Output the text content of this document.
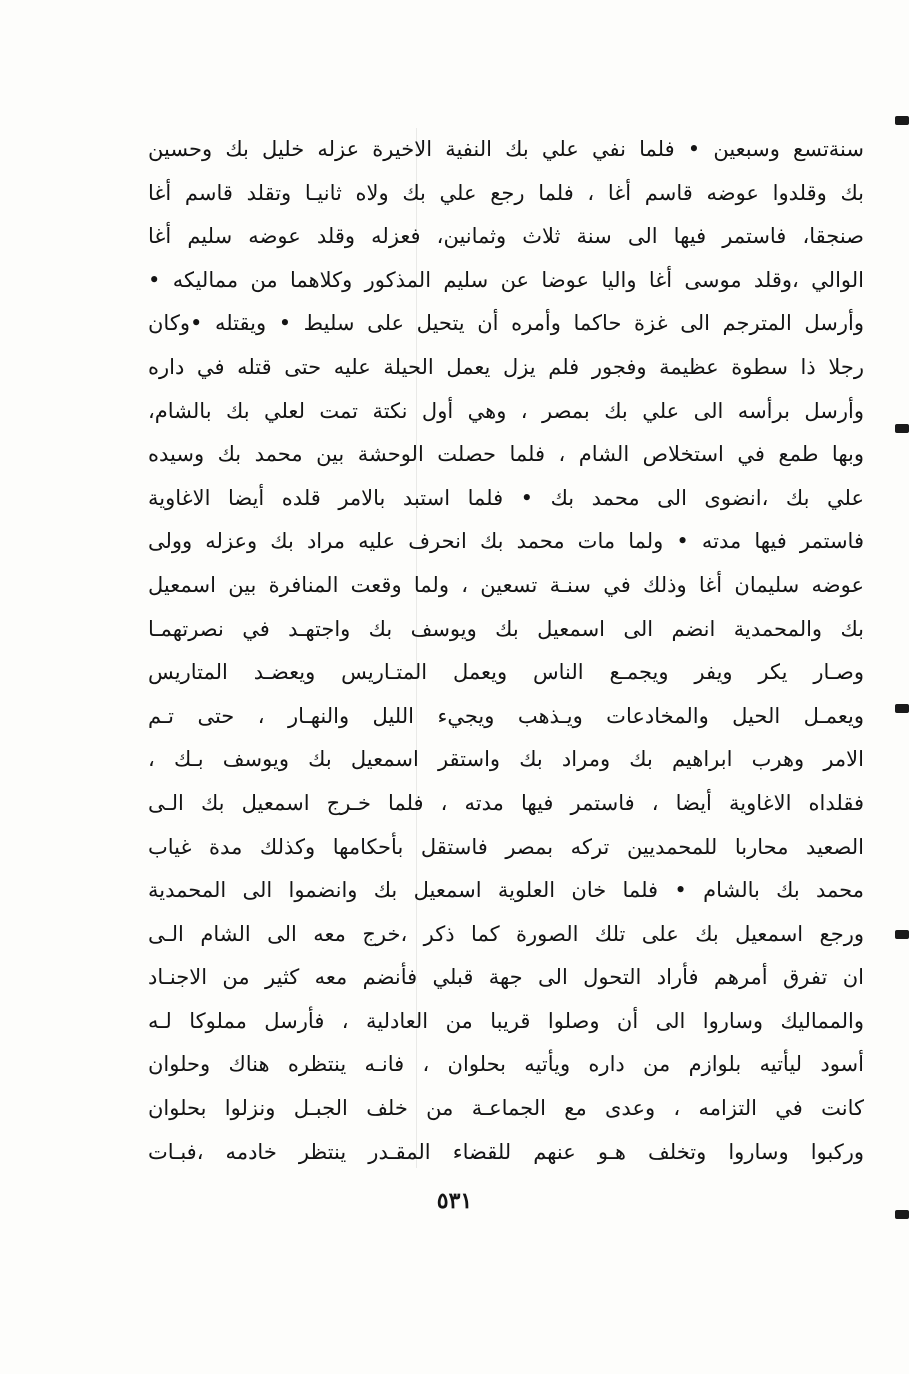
سنةتسع وسبعين • فلما نفي علي بك النفية الاخيرة عزله خليل بك وحسين
بك وقلدوا عوضه قاسم أغا ، فلما رجع علي بك ولاه ثانيـا وتقلد قاسم أغا
صنجقا، فاستمر فيها الى سنة ثلاث وثمانين، فعزله وقلد عوضه سليم أغا
الوالي ،وقلد موسى أغا واليا عوضا عن سليم المذكور وكلاهما من مماليكه •
وأرسل المترجم الى غزة حاكما وأمره أن يتحيل على سليط • ويقتله •وكان
رجلا ذا سطوة عظيمة وفجور فلم يزل يعمل الحيلة عليه حتى قتله في داره
وأرسل برأسه الى علي بك بمصر ، وهي أول نكتة تمت لعلي بك بالشام،
وبها طمع في استخلاص الشام ، فلما حصلت الوحشة بين محمد بك وسيده
علي بك ،انضوى الى محمد بك • فلما استبد بالامر قلده أيضا الاغاوية
فاستمر فيها مدته • ولما مات محمد بك انحرف عليه مراد بك وعزله وولى
عوضه سليمان أغا وذلك في سنـة تسعين ، ولما وقعت المنافرة بين اسمعيل
بك والمحمدية انضم الى اسمعيل بك ويوسف بك واجتهـد في نصرتهمـا
وصـار يكر ويفر ويجمـع الناس ويعمل المتـاريس ويعضـد المتاريس
ويعمـل الحيل والمخادعات ويـذهب ويجيء الليل والنهـار ، حتى تـم
الامر وهرب ابراهيم بك ومراد بك واستقر اسمعيل بك ويوسف بـك ،
فقلداه الاغاوية أيضا ، فاستمر فيها مدته ، فلما خـرج اسمعيل بك الـى
الصعيد محاربا للمحمديين تركه بمصر فاستقل بأحكامها وكذلك مدة غياب
محمد بك بالشام • فلما خان العلوية اسمعيل بك وانضموا الى المحمدية
ورجع اسمعيل بك على تلك الصورة كما ذكر ،خرج معه الى الشام الـى
ان تفرق أمرهم فأراد التحول الى جهة قبلي فأنضم معه كثير من الاجنـاد
والمماليك وساروا الى أن وصلوا قريبا من العادلية ، فأرسل مملوكا لـه
أسود ليأتيه بلوازم من داره ويأتيه بحلوان ، فانـه ينتظره هناك وحلوان
كانت في التزامه ، وعدى مع الجماعـة من خلف الجبـل ونزلوا بحلوان
وركبوا وساروا وتخلف هـو عنهم للقضاء المقـدر ينتظر خادمه ،فبـات
٥٣١
